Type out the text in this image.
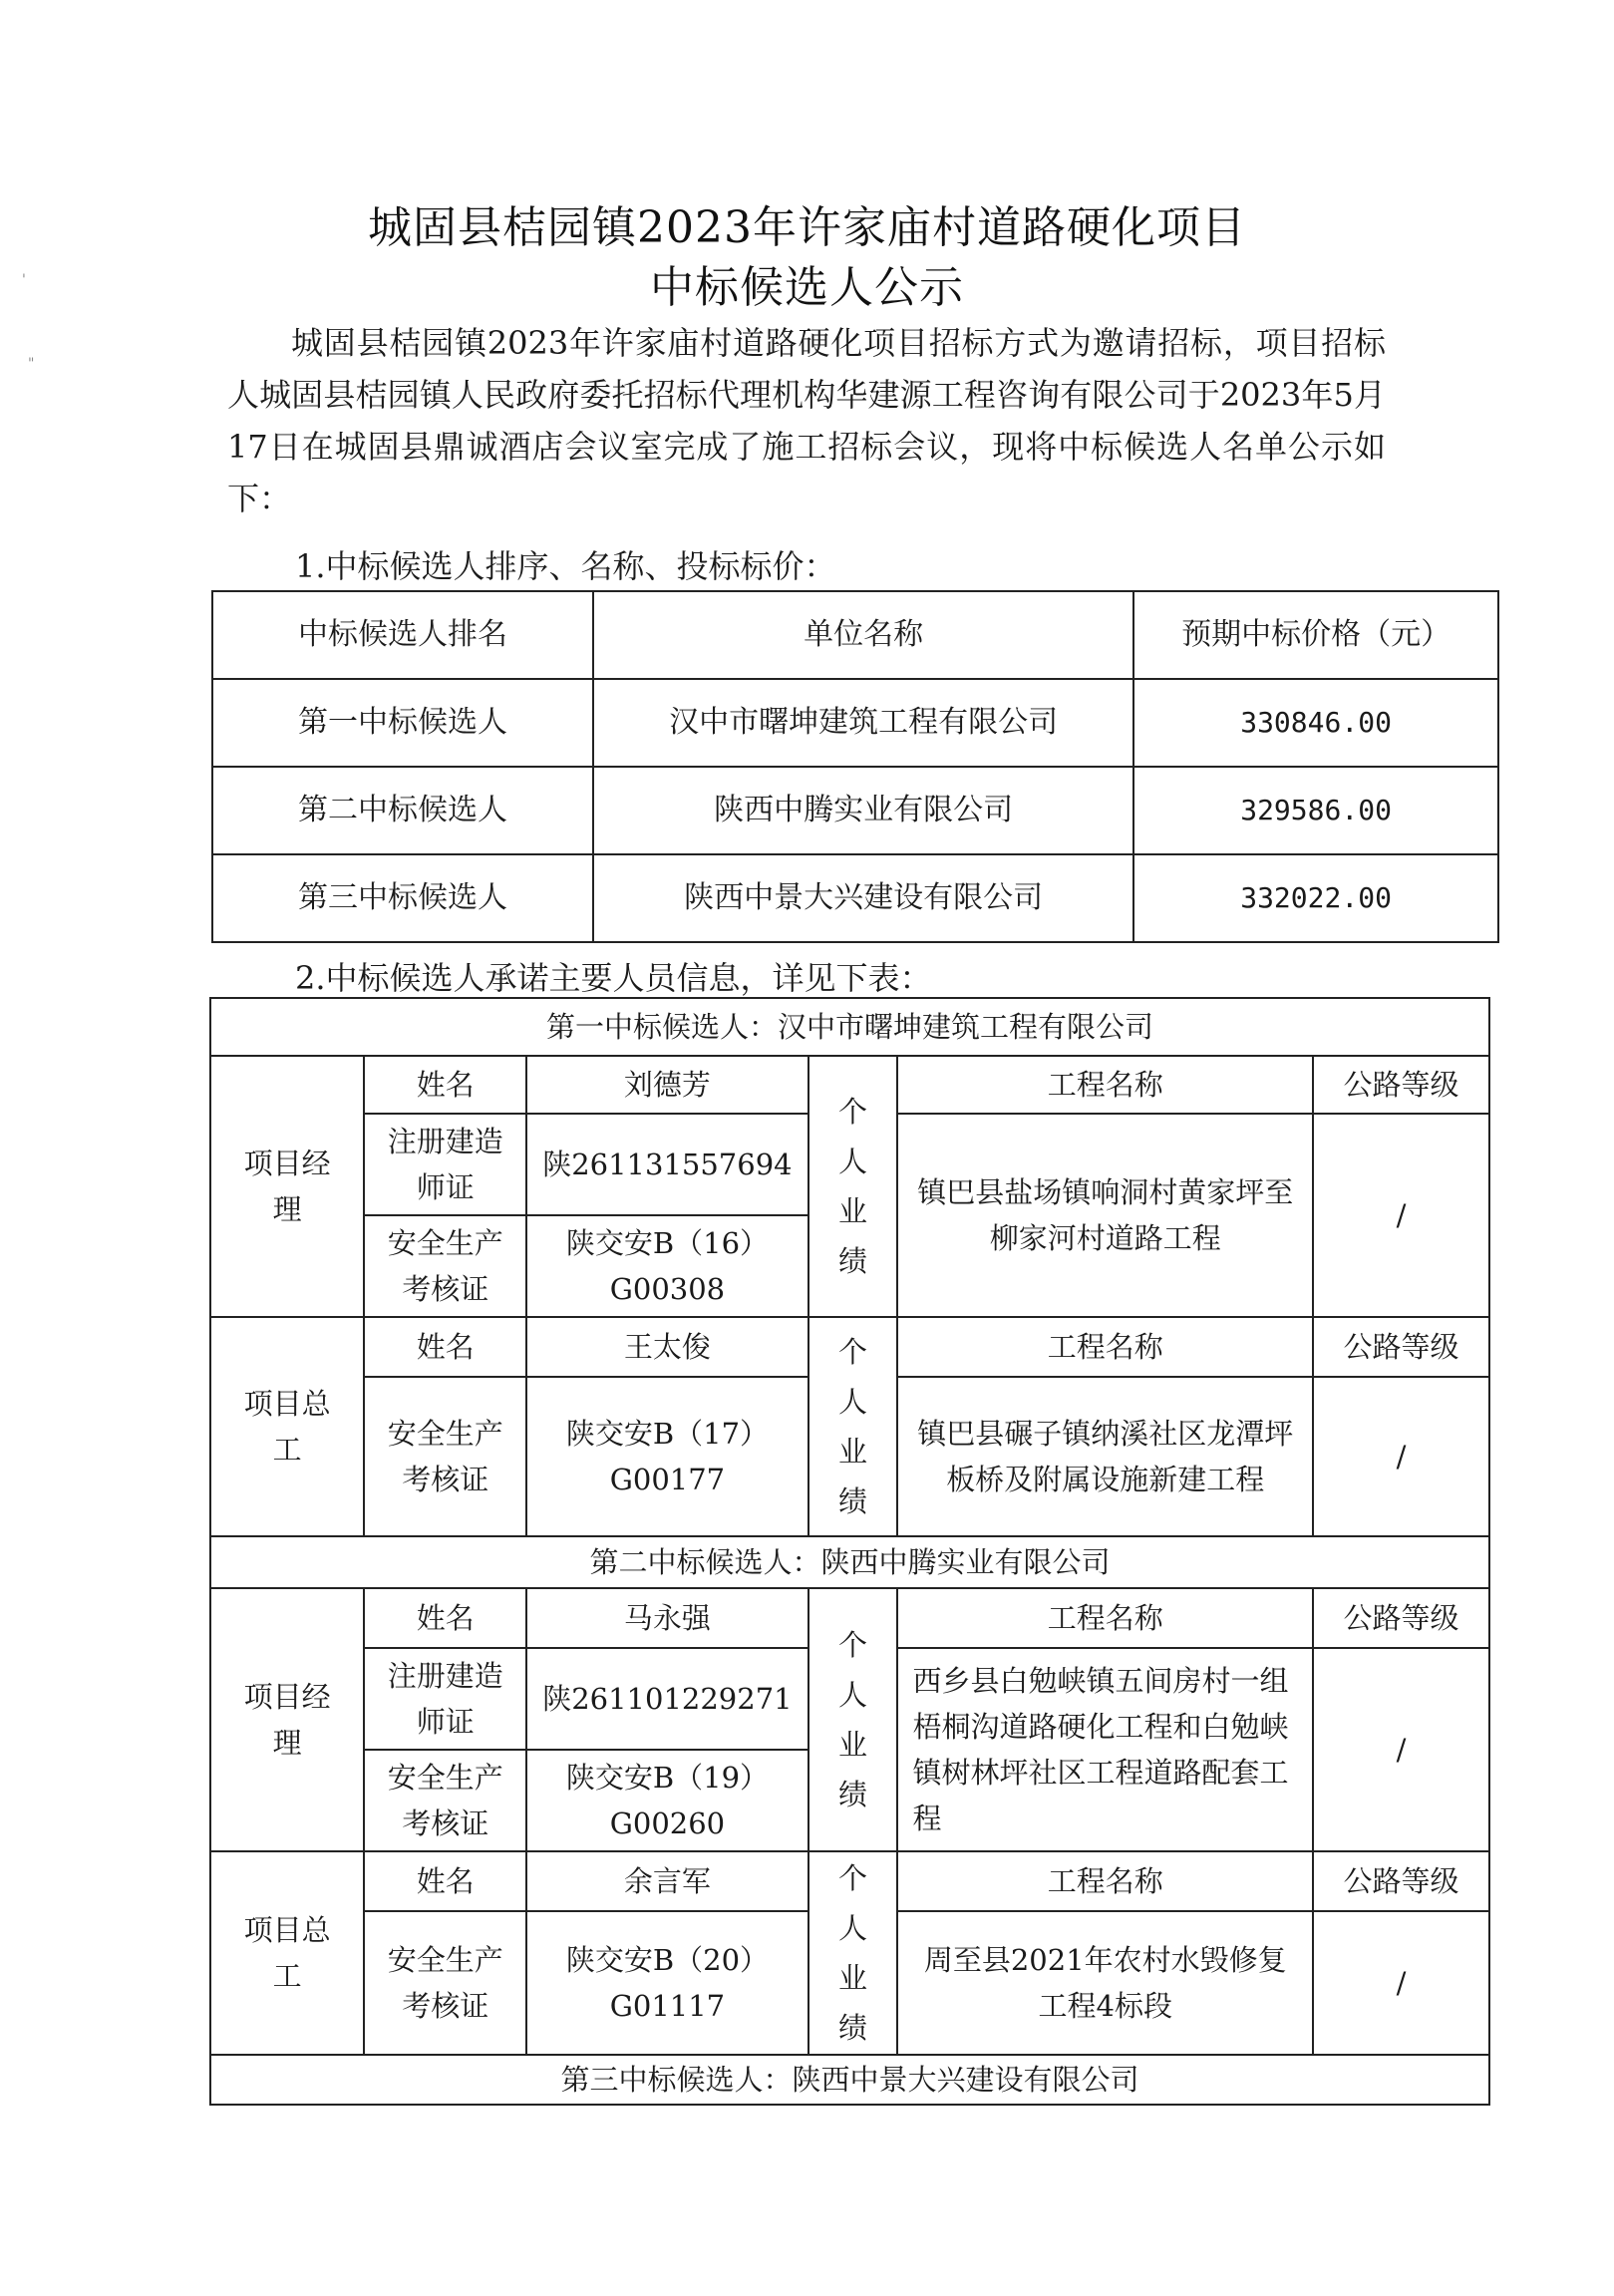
'
"
城固县桔园镇2023年许家庙村道路硬化项目
中标候选人公示

城固县桔园镇2023年许家庙村道路硬化项目招标方式为邀请招标，项目招标人城固县桔园镇人民政府委托招标代理机构华建源工程咨询有限公司于2023年5月17日在城固县鼎诚酒店会议室完成了施工招标会议，现将中标候选人名单公示如下：

1.中标候选人排序、名称、投标标价：
中标候选人排名	单位名称	预期中标价格（元）
第一中标候选人	汉中市曙坤建筑工程有限公司	330846.00
第二中标候选人	陕西中腾实业有限公司	329586.00
第三中标候选人	陕西中景大兴建设有限公司	332022.00
2.中标候选人承诺主要人员信息，详见下表：
第一中标候选人：汉中市曙坤建筑工程有限公司					
项目经理	姓名	刘德芳	个人业绩	工程名称	公路等级
	注册建造师证	陕261131557694		镇巴县盐场镇响洞村黄家坪至柳家河村道路工程	/
	安全生产考核证	陕交安B（16）G00308			
项目总工	姓名	王太俊	个人业绩	工程名称	公路等级
	安全生产考核证	陕交安B（17）G00177		镇巴县碾子镇纳溪社区龙潭坪板桥及附属设施新建工程	/
第二中标候选人：陕西中腾实业有限公司					
项目经理	姓名	马永强	个人业绩	工程名称	公路等级
	注册建造师证	陕261101229271		西乡县白勉峡镇五间房村一组梧桐沟道路硬化工程和白勉峡镇树林坪社区工程道路配套工程	/
	安全生产考核证	陕交安B（19）G00260			
项目总工	姓名	余言军	个人业绩	工程名称	公路等级
	安全生产考核证	陕交安B（20）G01117		周至县2021年农村水毁修复工程4标段	/
第三中标候选人：陕西中景大兴建设有限公司					
